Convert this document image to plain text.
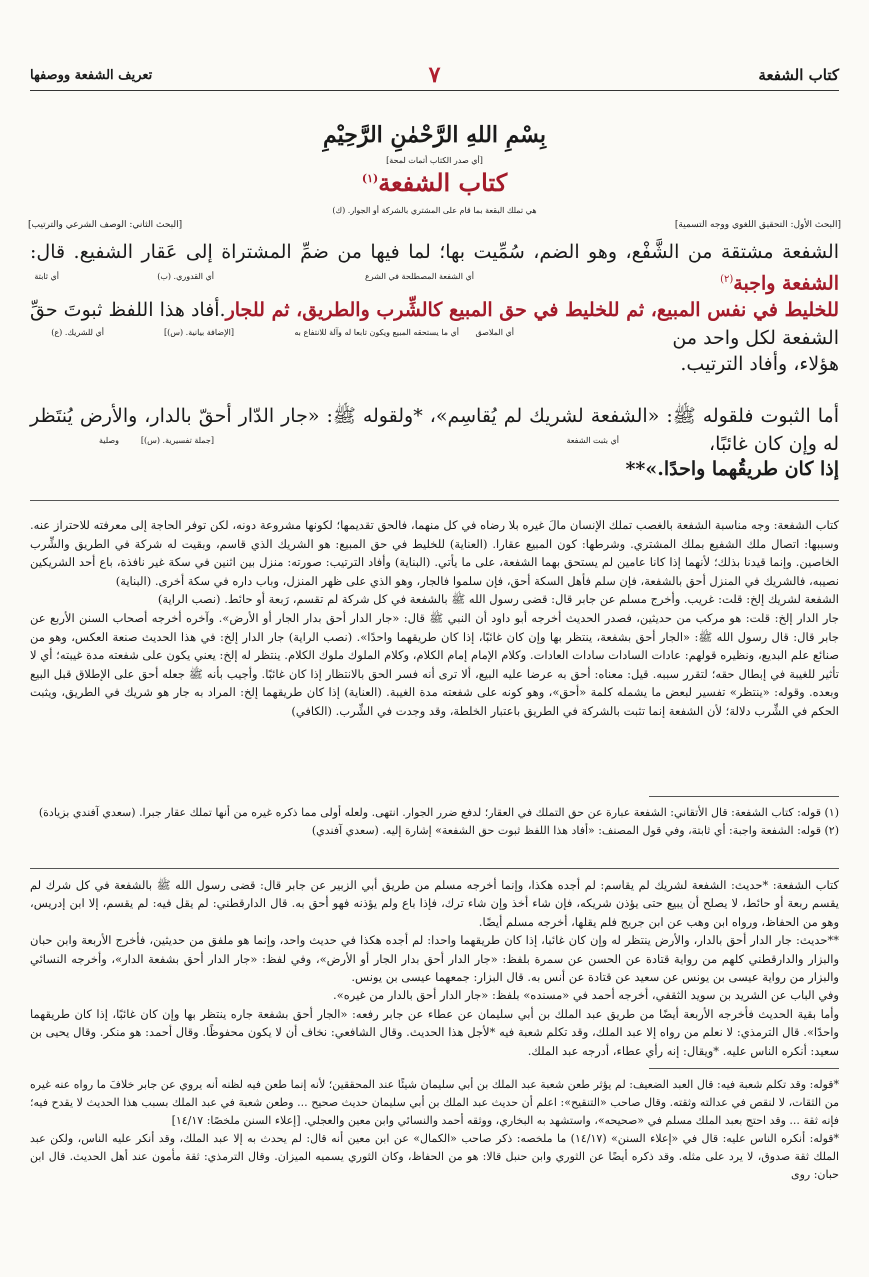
كتاب الشفعة
٧
تعريف الشفعة ووصفها
بِسْمِ اللهِ الرَّحْمٰنِ الرَّحِيْمِ
[أي صدر الكتاب أتمات لمحة]
كتاب الشفعة$^{(١)}$
هي تملك البقعة بما قام على المشتري بالشركة أو الجوار. (ك)
[البحث الأول: التحقيق اللغوي ووجه التسمية]
[البحث الثاني: الوصف الشرعي والترتيب]
الشفعة مشتقة من الشَّفْع، وهو الضم، سُمِّيت بها؛ لما فيها من ضمِّ المشتراة إلى عَقار الشفيع. قال: الشفعة واجبة$^{(٢)}$
أي الشفعة المصطلحة في الشرع
أي القدوري. (ب)
أي ثابتة
للخليط في نفس المبيع، ثم للخليط في حق المبيع كالشِّرب والطريق، ثم للجار.أفاد هذا اللفظ ثبوتَ حقِّ الشفعة لكل واحد من
أي الملاصق
أي ما يستحقه المبيع ويكون تابعا له وآلة للانتفاع به
[الإضافة بيانية. (س)]
أي للشريك. (ع)
هؤلاء، وأفاد الترتيب.
أما الثبوت فلقوله ﷺ: «الشفعة لشريك لم يُقاسِم»، *ولقوله ﷺ: «جار الدّار أحقّ بالدار، والأرض يُنتَظر له وإن كان غائبًا،
وصلية	[جملة تفسيرية. (س)]	أي بثبت الشفعة
إذا كان طريقُهما واحدًا.»**

كتاب الشفعة: وجه مناسبة الشفعة بالغصب تملك الإنسان مالَ غيره بلا رضاه في كل منهما، فالحق تقديمها؛ لكونها مشروعة دونه، لكن توفر الحاجة إلى معرفته للاحتراز عنه. وسببها: اتصال ملك الشفيع بملك المشتري. وشرطها: كون المبيع عقارا. (العناية) للخليط في حق المبيع: هو الشريك الذي قاسم، وبقيت له شركة في الطريق والشِّرب الخاصين. وإنما قيدنا بذلك؛ لأنهما إذا كانا عامين لم يستحق بهما الشفعة، على ما يأتي. (البناية) وأفاد الترتيب: صورته: منزل بين اثنين في سكة غير نافذة، باع أحد الشريكين نصيبه، فالشريك في المنزل أحق بالشفعة، فإن سلم فأهل السكة أحق، فإن سلموا فالجار، وهو الذي على ظهر المنزل، وباب داره في سكة أخرى. (البناية)

الشفعة لشريك إلخ: قلت: غريب. وأخرج مسلم عن جابر قال: قضى رسول الله ﷺ بالشفعة في كل شركة لم تقسم، رَبعة أو حائط. (نصب الراية)

جار الدار إلخ: قلت: هو مركب من حديثين، فصدر الحديث أخرجه أبو داود أن النبي ﷺ قال: «جار الدار أحق بدار الجار أو الأرض». وآخره أخرجه أصحاب السنن الأربع عن جابر قال: قال رسول الله ﷺ: «الجار أحق بشفعة، ينتظر بها وإن كان غائبًا، إذا كان طريقهما واحدًا». (نصب الراية) جار الدار إلخ: في هذا الحديث صنعة العكس، وهو من صنائع علم البديع، ونظيره قولهم: عادات السادات سادات العادات. وكلام الإمام إمام الكلام، وكلام الملوك ملوك الكلام. ينتظر له إلخ: يعني يكون على شفعته مدة غيبته؛ أي لا تأثير للغيبة في إبطال حقه؛ لتقرر سببه. قيل: معناه: أحق به عرضا عليه البيع، ألا ترى أنه فسر الحق بالانتظار إذا كان غائبًا. وأجيب بأنه ﷺ جعله أحق على الإطلاق قبل البيع وبعده. وقوله: «ينتظر» تفسير لبعض ما يشمله كلمة «أحق»، وهو كونه على شفعته مدة الغيبة. (العناية) إذا كان طريقهما إلخ: المراد به جار هو شريك في الطريق، ويثبت الحكم في الشِّرب دلالة؛ لأن الشفعة إنما تثبت بالشركة في الطريق باعتبار الخلطة، وقد وجدت في الشِّرب. (الكافي)

(١) قوله: كتاب الشفعة: قال الأتقاني: الشفعة عبارة عن حق التملك في العقار؛ لدفع ضرر الجوار. انتهى. ولعله أولى مما ذكره غيره من أنها تملك عقار جبرا. (سعدي آفندي بزيادة)

(٢) قوله: الشفعة واجبة: أي ثابتة، وفي قول المصنف: «أفاد هذا اللفظ ثبوت حق الشفعة» إشارة إليه. (سعدي آفندي)

كتاب الشفعة: *حديث: الشفعة لشريك لم يقاسم: لم أجده هكذا، وإنما أخرجه مسلم من طريق أبي الزبير عن جابر قال: قضى رسول الله ﷺ بالشفعة في كل شرك لم يقسم ربعة أو حائط، لا يصلح أن يبيع حتى يؤذن شريكه، فإن شاء أخذ وإن شاء ترك، فإذا باع ولم يؤذنه فهو أحق به. قال الدارقطني: لم يقل فيه: لم يقسم، إلا ابن إدريس، وهو من الحفاظ، ورواه ابن وهب عن ابن جريج فلم يقلها، أخرجه مسلم أيضًا.

**حديث: جار الدار أحق بالدار، والأرض ينتظر له وإن كان غائبا، إذا كان طريقهما واحدا: لم أجده هكذا في حديث واحد، وإنما هو ملفق من حديثين، فأخرج الأربعة وابن حبان والبزار والدارقطني كلهم من رواية قتادة عن الحسن عن سمرة بلفظ: «جار الدار أحق بدار الجار أو الأرض»، وفي لفظ: «جار الدار أحق بشفعة الدار»، وأخرجه النسائي والبزار من رواية عيسى بن يونس عن سعيد عن قتادة عن أنس به. قال البزار: جمعهما عيسى بن يونس.

وفي الباب عن الشريد بن سويد الثقفي، أخرجه أحمد في «مسنده» بلفظ: «جار الدار أحق بالدار من غيره».

وأما بقية الحديث فأخرجه الأربعة أيضًا من طريق عبد الملك بن أبي سليمان عن عطاء عن جابر رفعه: «الجار أحق بشفعة جاره ينتظر بها وإن كان غائبًا، إذا كان طريقهما واحدًا». قال الترمذي: لا نعلم من رواه إلا عبد الملك، وقد تكلم شعبة فيه *لأجل هذا الحديث. وقال الشافعي: نخاف أن لا يكون محفوظًا. وقال أحمد: هو منكر. وقال يحيى بن سعيد: أنكره الناس عليه. *ويقال: إنه رأي عطاء، أدرجه عبد الملك.

*قوله: وقد تكلم شعبة فيه: قال العبد الضعيف: لم يؤثر طعن شعبة عبد الملك بن أبي سليمان شيئًا عند المحققين؛ لأنه إنما طعن فيه لظنه أنه يروي عن جابر خلافَ ما رواه عنه غيره من الثقات، لا لنقص في عدالته وثقته. وقال صاحب «التنقيح»: اعلم أن حديث عبد الملك بن أبي سليمان حديث صحيح ... وطعن شعبة في عبد الملك بسبب هذا الحديث لا يقدح فيه؛ فإنه ثقة ... وقد احتج بعبد الملك مسلم في «صحيحه»، واستشهد به البخاري، ووثقه أحمد والنسائي وابن معين والعجلي. [إعلاء السنن ملخصًا: ١٤/١٧]

*قوله: أنكره الناس عليه: قال في «إعلاء السنن» (١٤/١٧) ما ملخصه: ذكر صاحب «الكمال» عن ابن معين أنه قال: لم يحدث به إلا عبد الملك، وقد أنكر عليه الناس، ولكن عبد الملك ثقة صدوق، لا يرد على مثله. وقد ذكره أيضًا عن الثوري وابن حنبل قالا: هو من الحفاظ، وكان الثوري يسميه الميزان. وقال الترمذي: ثقة مأمون عند أهل الحديث. قال ابن حبان: روى
